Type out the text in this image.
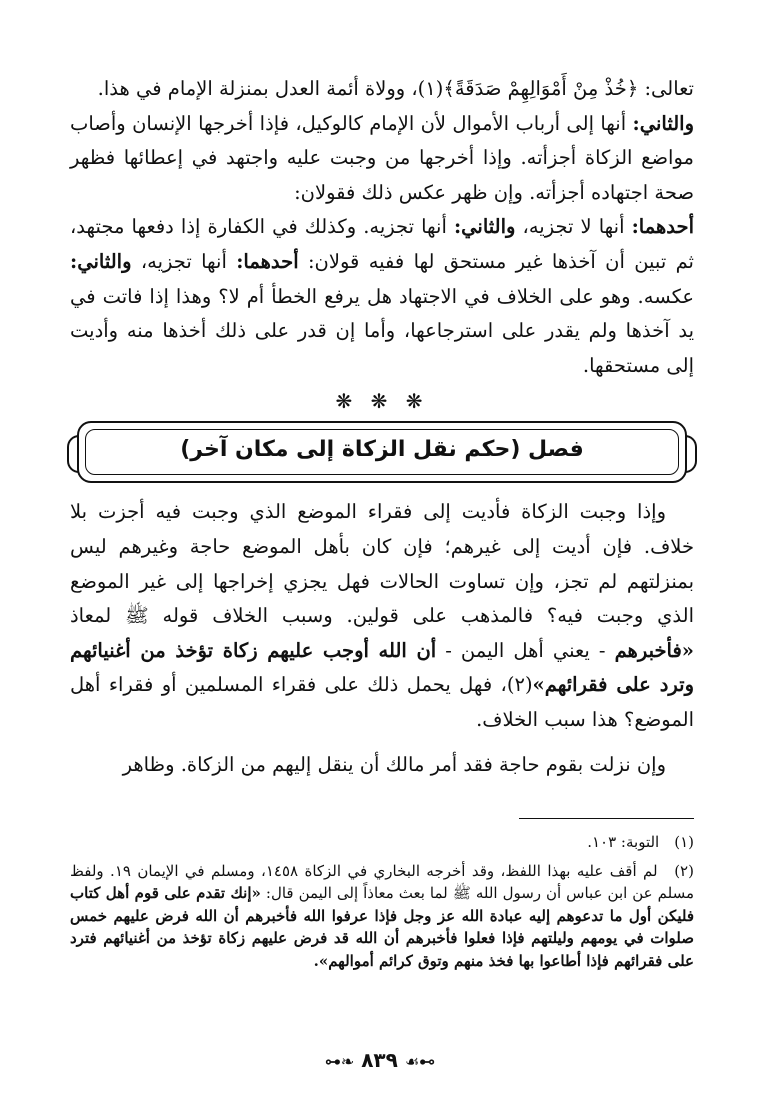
تعالى: ﴿خُذْ مِنْ أَمْوَالِهِمْ صَدَقَةً﴾(١)، وولاة أئمة العدل بمنزلة الإمام في هذا.

والثاني: أنها إلى أرباب الأموال لأن الإمام كالوكيل، فإذا أخرجها الإنسان وأصاب مواضع الزكاة أجزأته. وإذا أخرجها من وجبت عليه واجتهد في إعطائها فظهر صحة اجتهاده أجزأته. وإن ظهر عكس ذلك فقولان:

أحدهما: أنها لا تجزيه، والثاني: أنها تجزيه. وكذلك في الكفارة إذا دفعها مجتهد، ثم تبين أن آخذها غير مستحق لها ففيه قولان: أحدهما: أنها تجزيه، والثاني: عكسه. وهو على الخلاف في الاجتهاد هل يرفع الخطأ أم لا؟ وهذا إذا فاتت في يد آخذها ولم يقدر على استرجاعها، وأما إن قدر على ذلك أخذها منه وأديت إلى مستحقها.

❋ ❋ ❋
فصل (حكم نقل الزكاة إلى مكان آخر)

وإذا وجبت الزكاة فأديت إلى فقراء الموضع الذي وجبت فيه أجزت بلا خلاف. فإن أديت إلى غيرهم؛ فإن كان بأهل الموضع حاجة وغيرهم ليس بمنزلتهم لم تجز، وإن تساوت الحالات فهل يجزي إخراجها إلى غير الموضع الذي وجبت فيه؟ فالمذهب على قولين. وسبب الخلاف قوله ﷺ لمعاذ «فأخبرهم - يعني أهل اليمن - أن الله أوجب عليهم زكاة تؤخذ من أغنيائهم وترد على فقرائهم»(٢)، فهل يحمل ذلك على فقراء المسلمين أو فقراء أهل الموضع؟ هذا سبب الخلاف.

وإن نزلت بقوم حاجة فقد أمر مالك أن ينقل إليهم من الزكاة. وظاهر

(١) التوبة: ١٠٣.

(٢) لم أقف عليه بهذا اللفظ، وقد أخرجه البخاري في الزكاة ١٤٥٨، ومسلم في الإيمان ١٩. ولفظ مسلم عن ابن عباس أن رسول الله ﷺ لما بعث معاذاً إلى اليمن قال: «إنك تقدم على قوم أهل كتاب فليكن أول ما تدعوهم إليه عبادة الله عز وجل فإذا عرفوا الله فأخبرهم أن الله فرض عليهم خمس صلوات في يومهم وليلتهم فإذا فعلوا فأخبرهم أن الله قد فرض عليهم زكاة تؤخذ من أغنيائهم فترد على فقرائهم فإذا أطاعوا بها فخذ منهم وتوق كرائم أموالهم».

⊶❧ ٨٣٩ ☙⊷
